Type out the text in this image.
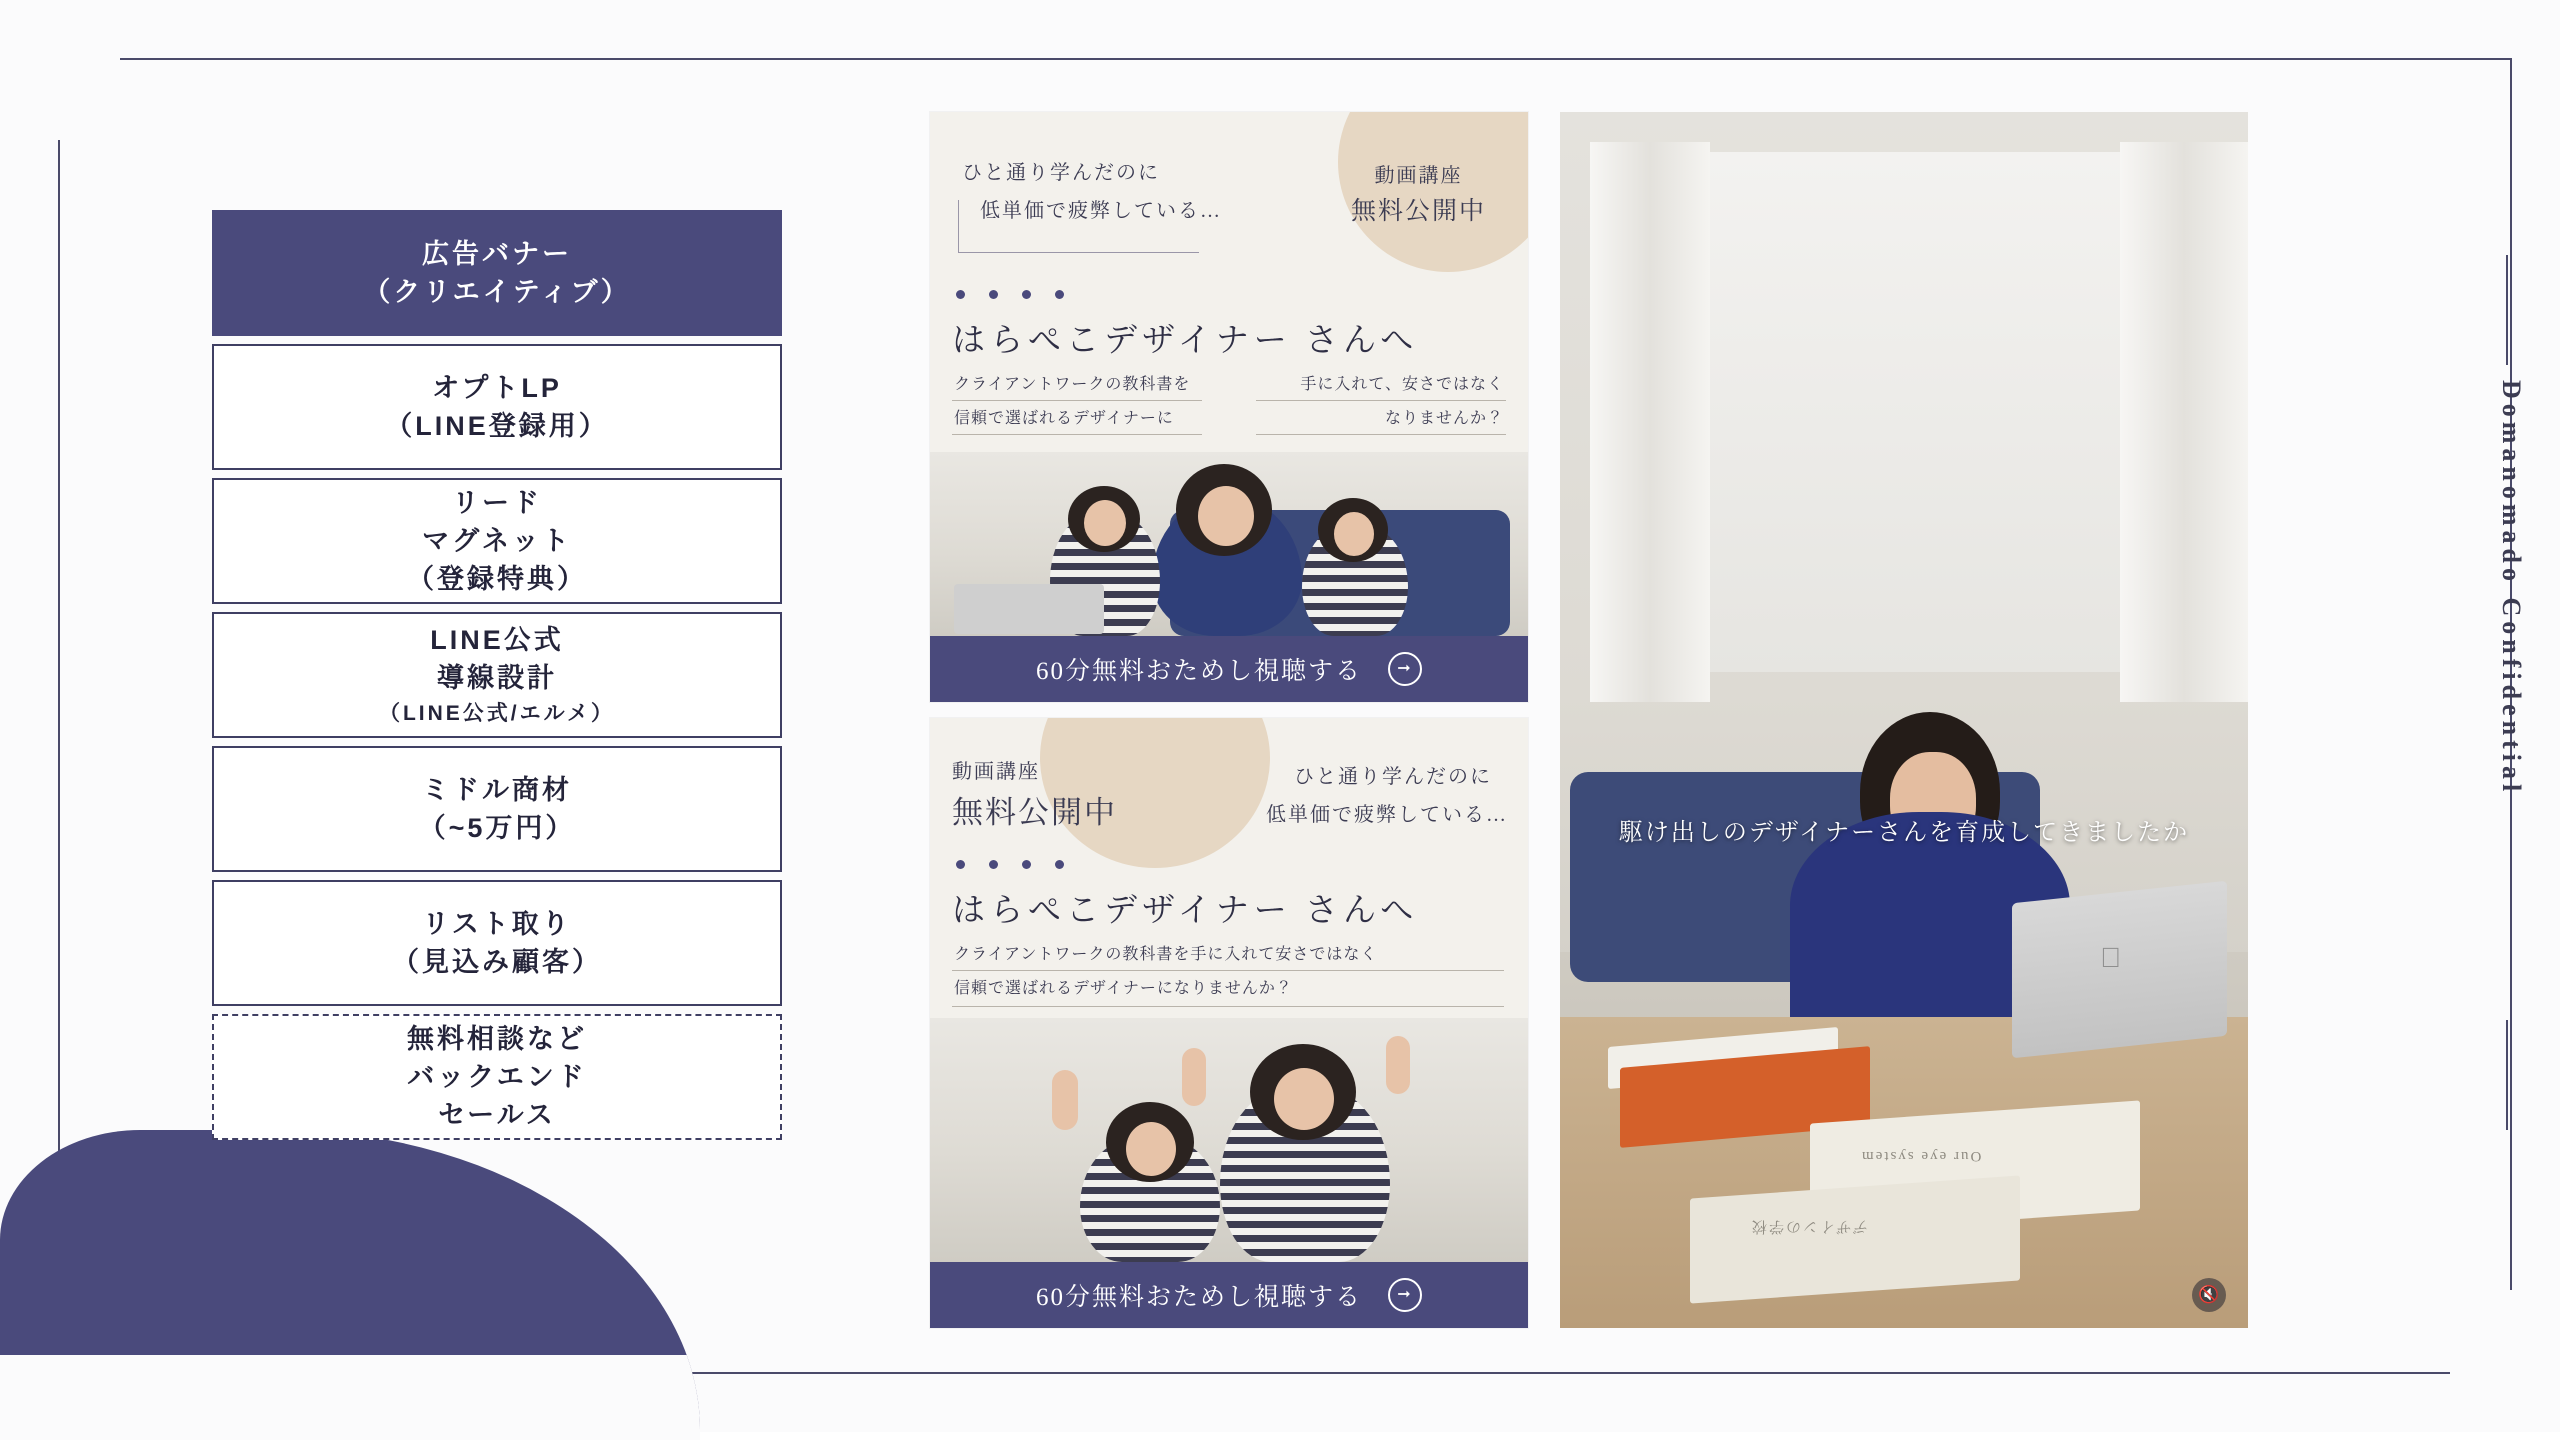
Domanomado Confidential
広告バナー
（クリエイティブ）
オプトLP
（LINE登録用）
リード
マグネット
（登録特典）
LINE公式
導線設計
（LINE公式/エルメ）
ミドル商材
（~5万円）
リスト取り
（見込み顧客）
無料相談など
バックエンド
セールス
動画講座
無料公開中
ひと通り学んだのに
低単価で疲弊している…
はらぺこデザイナー さんへ
クライアントワークの教科書を
信頼で選ばれるデザイナーに
手に入れて、安さではなく
なりませんか？
60分無料おためし視聴する	➞
動画講座
無料公開中
ひと通り学んだのに
低単価で疲弊している…
はらぺこデザイナー さんへ
クライアントワークの教科書を手に入れて安さではなく
信頼で選ばれるデザイナーになりませんか？
60分無料おためし視聴する	➞
Our eye system
デザインの学校
駆け出しのデザイナーさんを育成してきましたか
🔇
